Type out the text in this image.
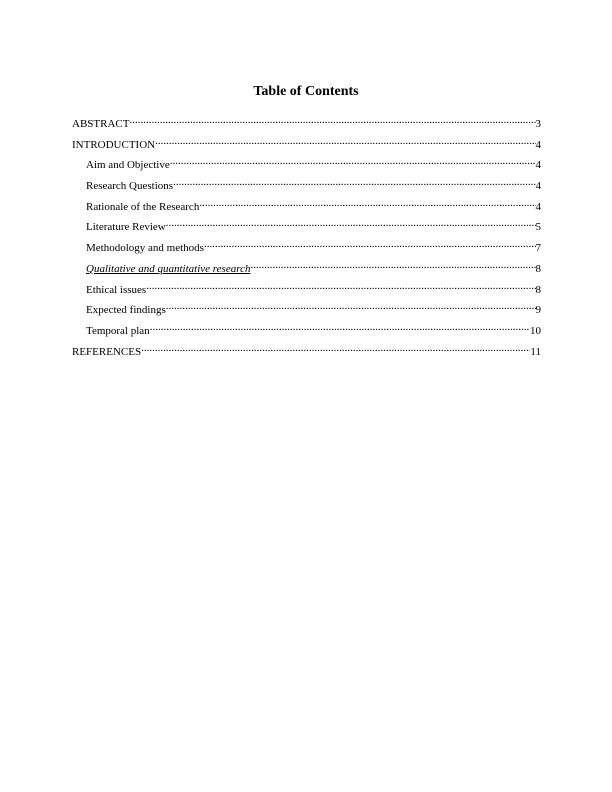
Table of Contents
ABSTRACT .....	3
INTRODUCTION .....	4
Aim and Objective .....	4
Research Questions .....	4
Rationale of the Research .....	4
Literature Review .....	5
Methodology and methods .....	7
Qualitative and quantitative research .....	8
Ethical issues .....	8
Expected findings .....	9
Temporal plan .....	10
REFERENCES .....	11
